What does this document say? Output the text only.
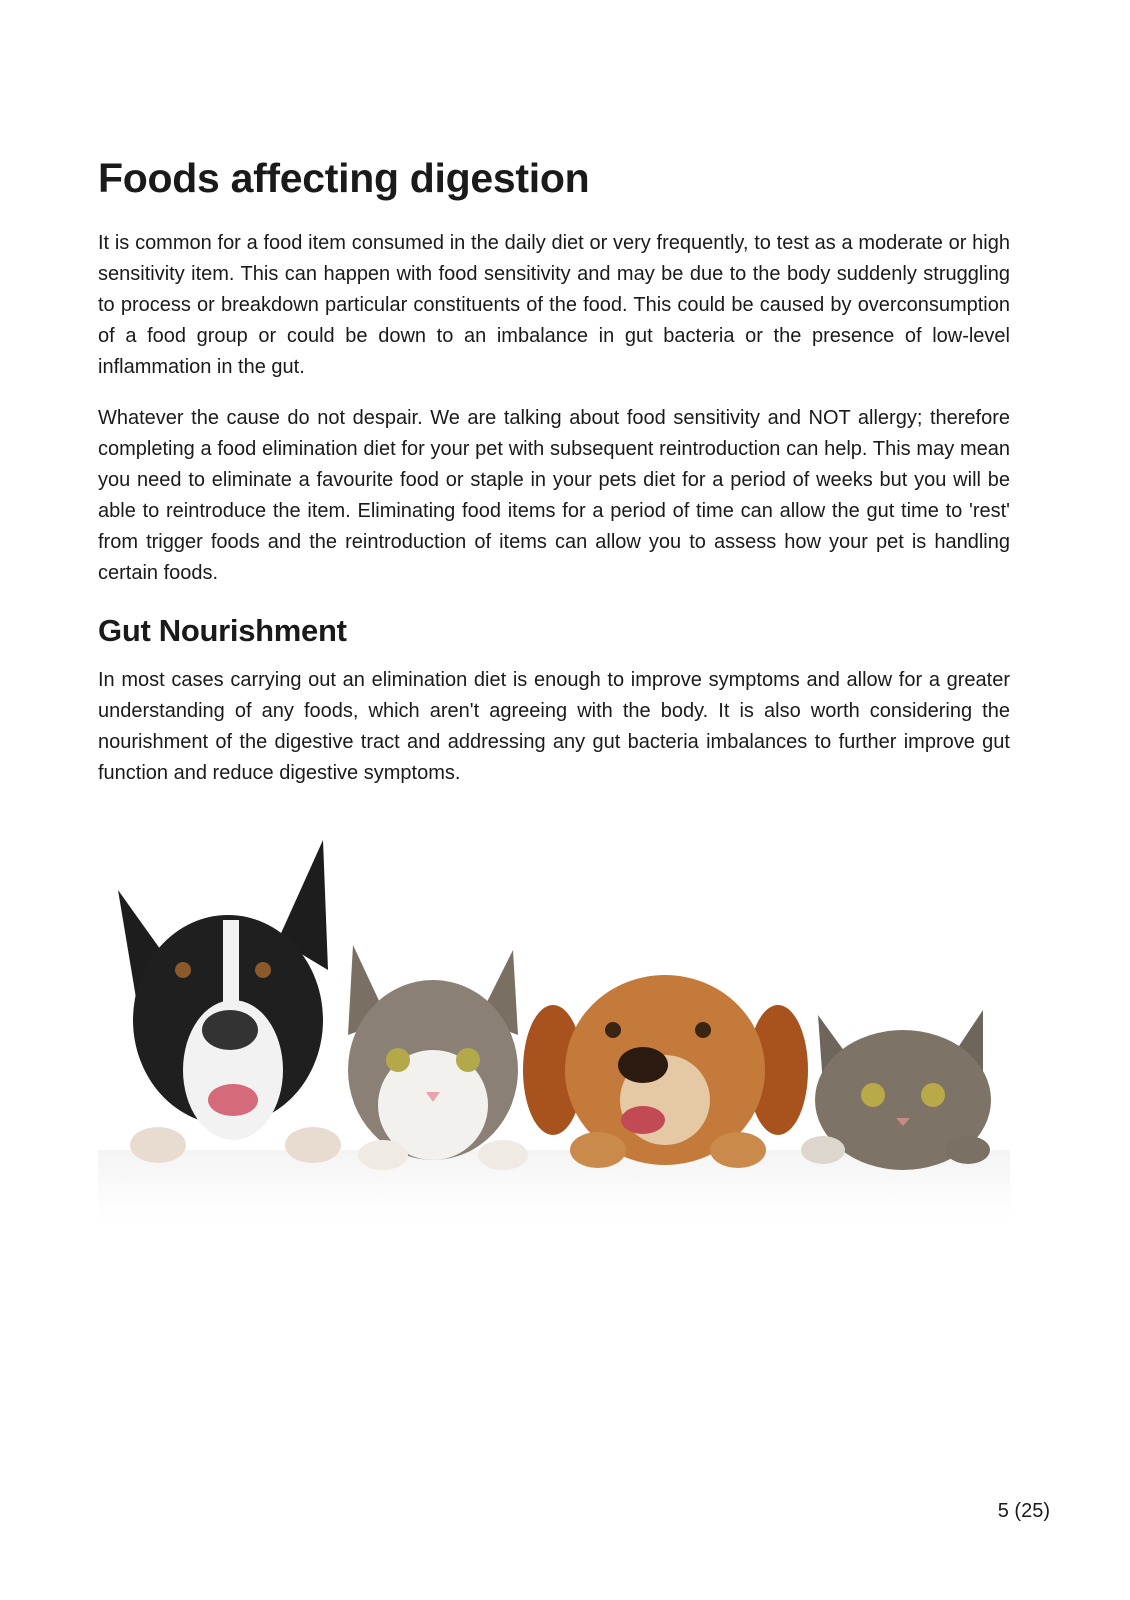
Foods affecting digestion

It is common for a food item consumed in the daily diet or very frequently, to test as a moderate or high sensitivity item. This can happen with food sensitivity and may be due to the body suddenly struggling to process or breakdown particular constituents of the food. This could be caused by overconsumption of a food group or could be down to an imbalance in gut bacteria or the presence of low-level inflammation in the gut.

Whatever the cause do not despair. We are talking about food sensitivity and NOT allergy; therefore completing a food elimination diet for your pet with subsequent reintroduction can help. This may mean you need to eliminate a favourite food or staple in your pets diet for a period of weeks but you will be able to reintroduce the item. Eliminating food items for a period of time can allow the gut time to 'rest' from trigger foods and the reintroduction of items can allow you to assess how your pet is handling certain foods.

Gut Nourishment

In most cases carrying out an elimination diet is enough to improve symptoms and allow for a greater understanding of any foods, which aren't agreeing with the body. It is also worth considering the nourishment of the digestive tract and addressing any gut bacteria imbalances to further improve gut function and reduce digestive symptoms.

5 (25)
